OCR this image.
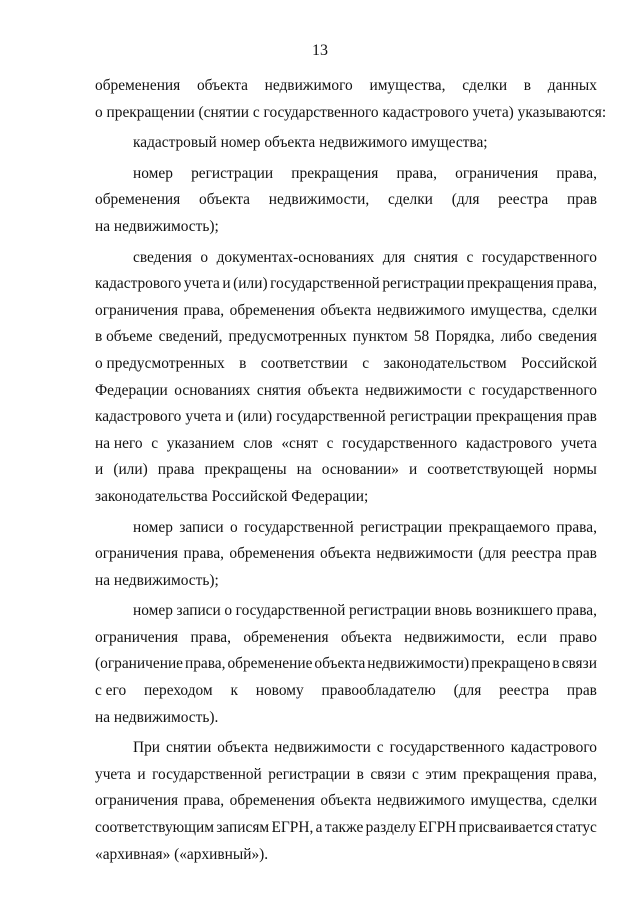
13
обременения объекта недвижимого имущества, сделки в данных
о прекращении (снятии с государственного кадастрового учета) указываются:
кадастровый номер объекта недвижимого имущества;
номер регистрации прекращения права, ограничения права,
обременения объекта недвижимости, сделки (для реестра прав
на недвижимость);
сведения о документах-основаниях для снятия с государственного
кадастрового учета и (или) государственной регистрации прекращения права,
ограничения права, обременения объекта недвижимого имущества, сделки
в объеме сведений, предусмотренных пунктом 58 Порядка, либо сведения
о предусмотренных в соответствии с законодательством Российской
Федерации основаниях снятия объекта недвижимости с государственного
кадастрового учета и (или) государственной регистрации прекращения прав
на него с указанием слов «снят с государственного кадастрового учета
и (или) права прекращены на основании» и соответствующей нормы
законодательства Российской Федерации;
номер записи о государственной регистрации прекращаемого права,
ограничения права, обременения объекта недвижимости (для реестра прав
на недвижимость);
номер записи о государственной регистрации вновь возникшего права,
ограничения права, обременения объекта недвижимости, если право
(ограничение права, обременение объекта недвижимости) прекращено в связи
с его переходом к новому правообладателю (для реестра прав
на недвижимость).
При снятии объекта недвижимости с государственного кадастрового
учета и государственной регистрации в связи с этим прекращения права,
ограничения права, обременения объекта недвижимого имущества, сделки
соответствующим записям ЕГРН, а также разделу ЕГРН присваивается статус
«архивная» («архивный»).
